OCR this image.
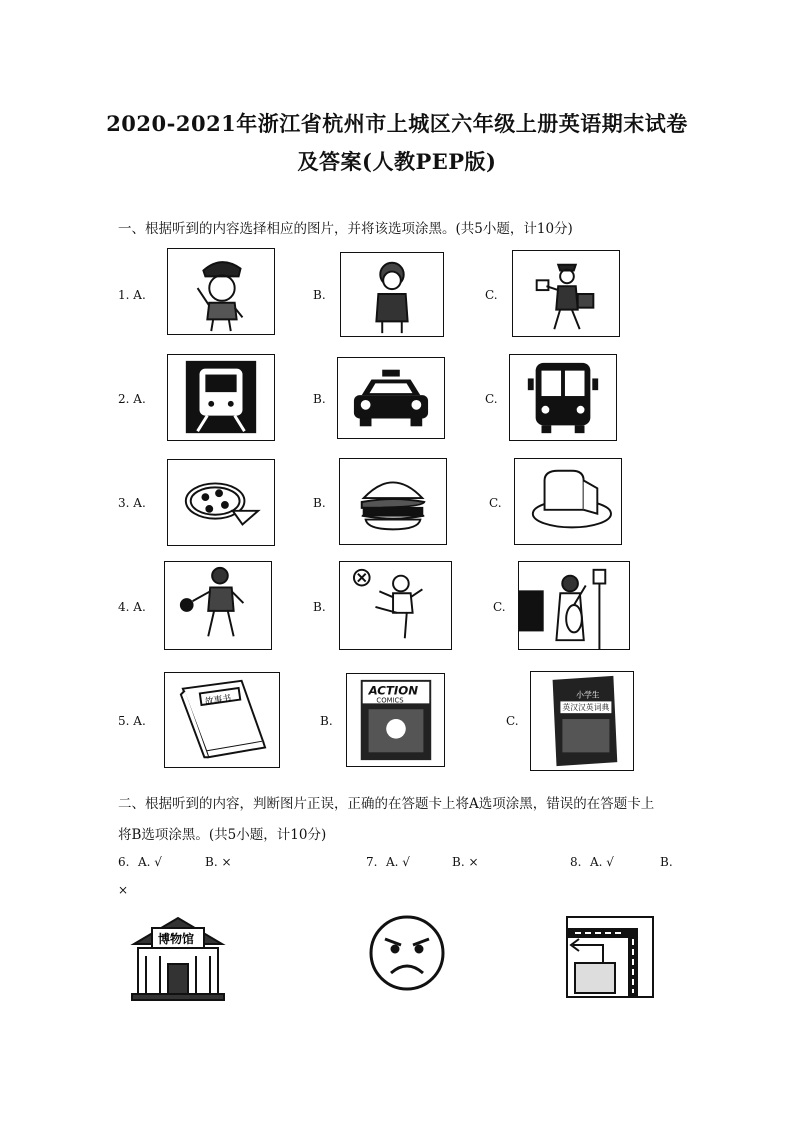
2020-2021年浙江省杭州市上城区六年级上册英语期末试卷
及答案(人教PEP版)
一、根据听到的内容选择相应的图片，并将该选项涂黑。(共5小题，计10分)
1. A.	B.	C.
2. A.	B.	C.
3. A.	B.	C.
4. A.	B.	C.
5. A.
故事书
B.
ACTION
COMICS
C.
小学生
英汉汉英词典
二、根据听到的内容，判断图片正误，正确的在答题卡上将A选项涂黑，错误的在答题卡上
将B选项涂黑。(共5小题，计10分)
6. A. √	B. ×	7. A. √	B. ×	8. A. √	B.
×
博物馆
